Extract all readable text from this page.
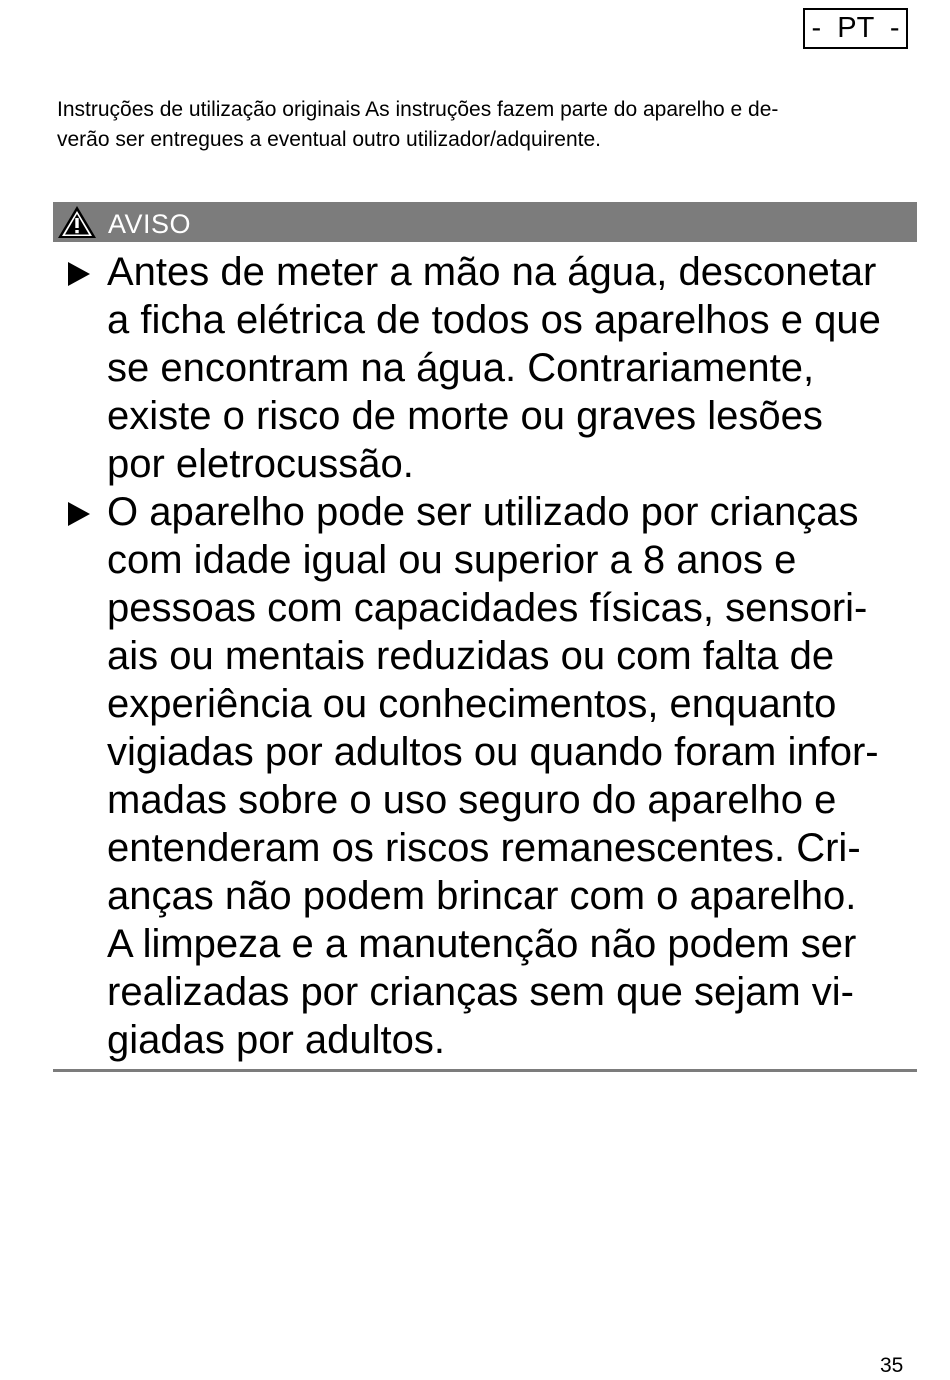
-  PT  -

Instruções de utilização originais As instruções fazem parte do aparelho e de-
verão ser entregues a eventual outro utilizador/adquirente.

AVISO

Antes de meter a mão na água, desconetar
a ficha elétrica de todos os aparelhos e que
se encontram na água. Contrariamente,
existe o risco de morte ou graves lesões
por eletrocussão.

O aparelho pode ser utilizado por crianças
com idade igual ou superior a 8 anos e
pessoas com capacidades físicas, sensori-
ais ou mentais reduzidas ou com falta de
experiência ou conhecimentos, enquanto
vigiadas por adultos ou quando foram infor-
madas sobre o uso seguro do aparelho e
entenderam os riscos remanescentes. Cri-
anças não podem brincar com o aparelho.
A limpeza e a manutenção não podem ser
realizadas por crianças sem que sejam vi-
giadas por adultos.

35
